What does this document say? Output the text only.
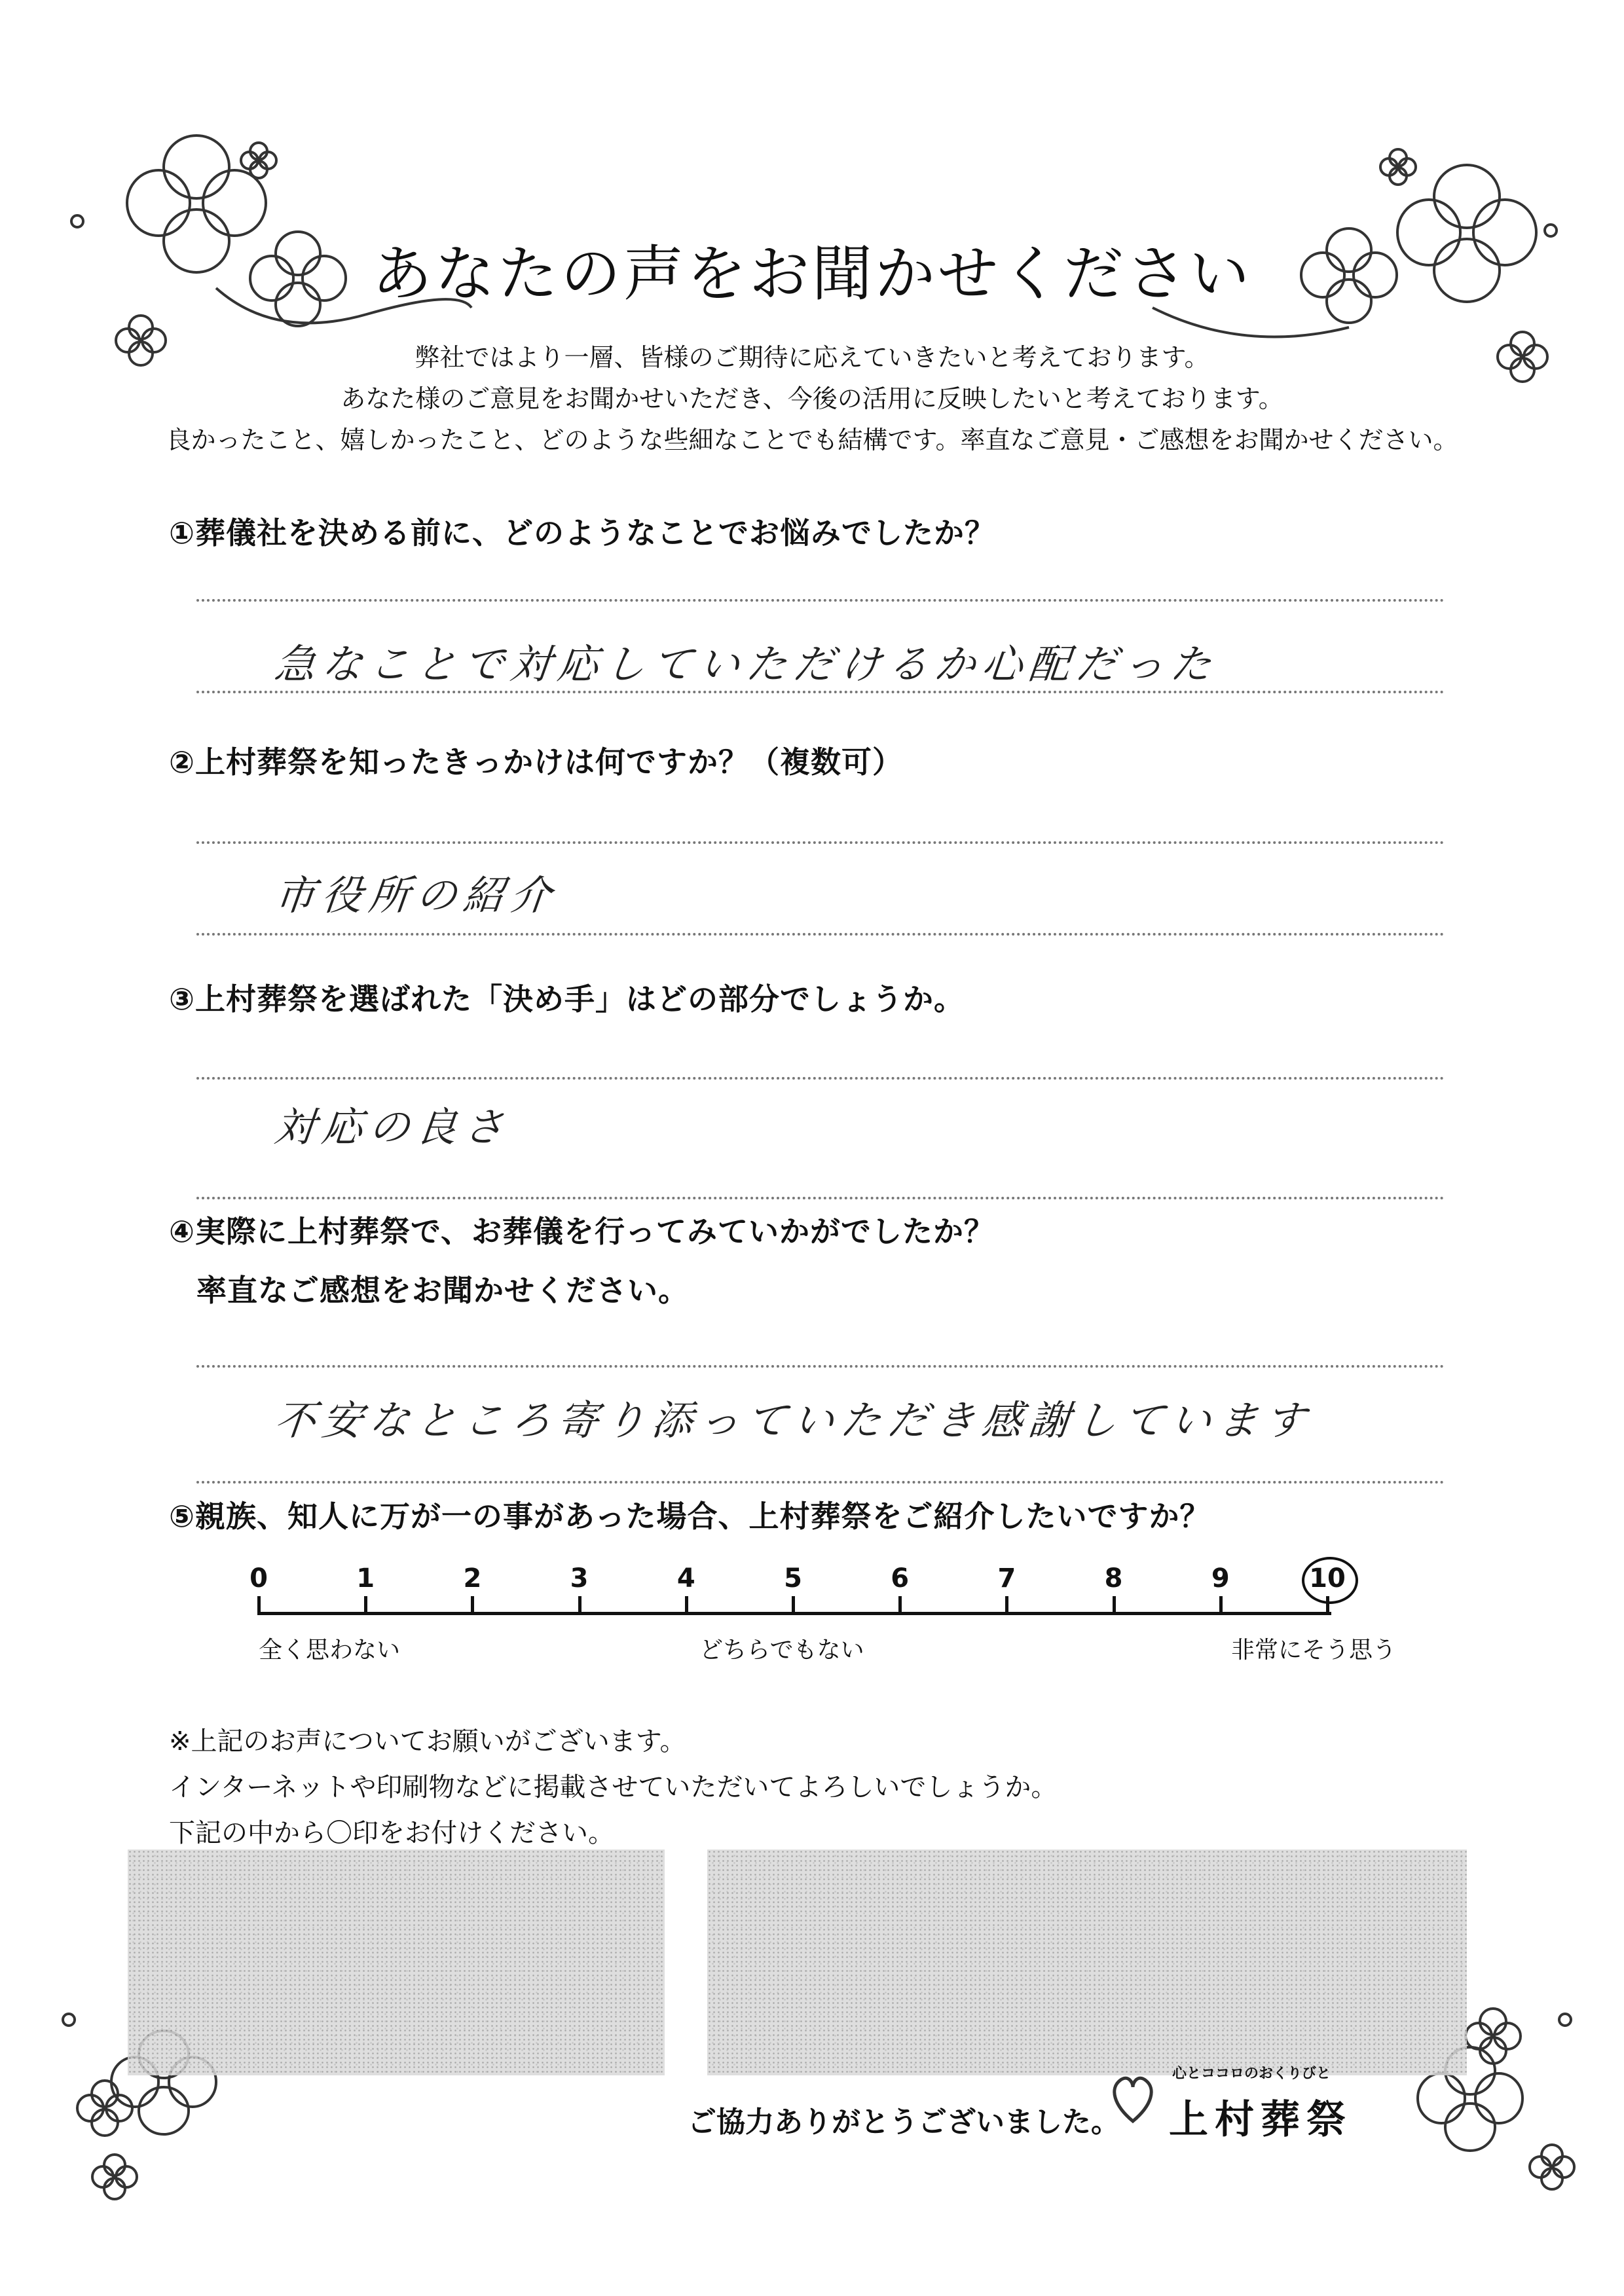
あなたの声をお聞かせください
弊社ではより一層、皆様のご期待に応えていきたいと考えております。
あなた様のご意見をお聞かせいただき、今後の活用に反映したいと考えております。
良かったこと、嬉しかったこと、どのような些細なことでも結構です。率直なご意見・ご感想をお聞かせください。
①葬儀社を決める前に、どのようなことでお悩みでしたか？
急なことで対応していただけるか心配だった
②上村葬祭を知ったきっかけは何ですか？（複数可）
市役所の紹介
③上村葬祭を選ばれた「決め手」はどの部分でしょうか。
対応の良さ
④実際に上村葬祭で、お葬儀を行ってみていかがでしたか？
率直なご感想をお聞かせください。
不安なところ寄り添っていただき感謝しています
⑤親族、知人に万が一の事があった場合、上村葬祭をご紹介したいですか？
0	1	2	3	4	5	6	7	8	9	10
全く思わない	どちらでもない	非常にそう思う
※上記のお声についてお願いがございます。
インターネットや印刷物などに掲載させていただいてよろしいでしょうか。
下記の中から〇印をお付けください。
ご協力ありがとうございました。
心とココロのおくりびと
上村葬祭
